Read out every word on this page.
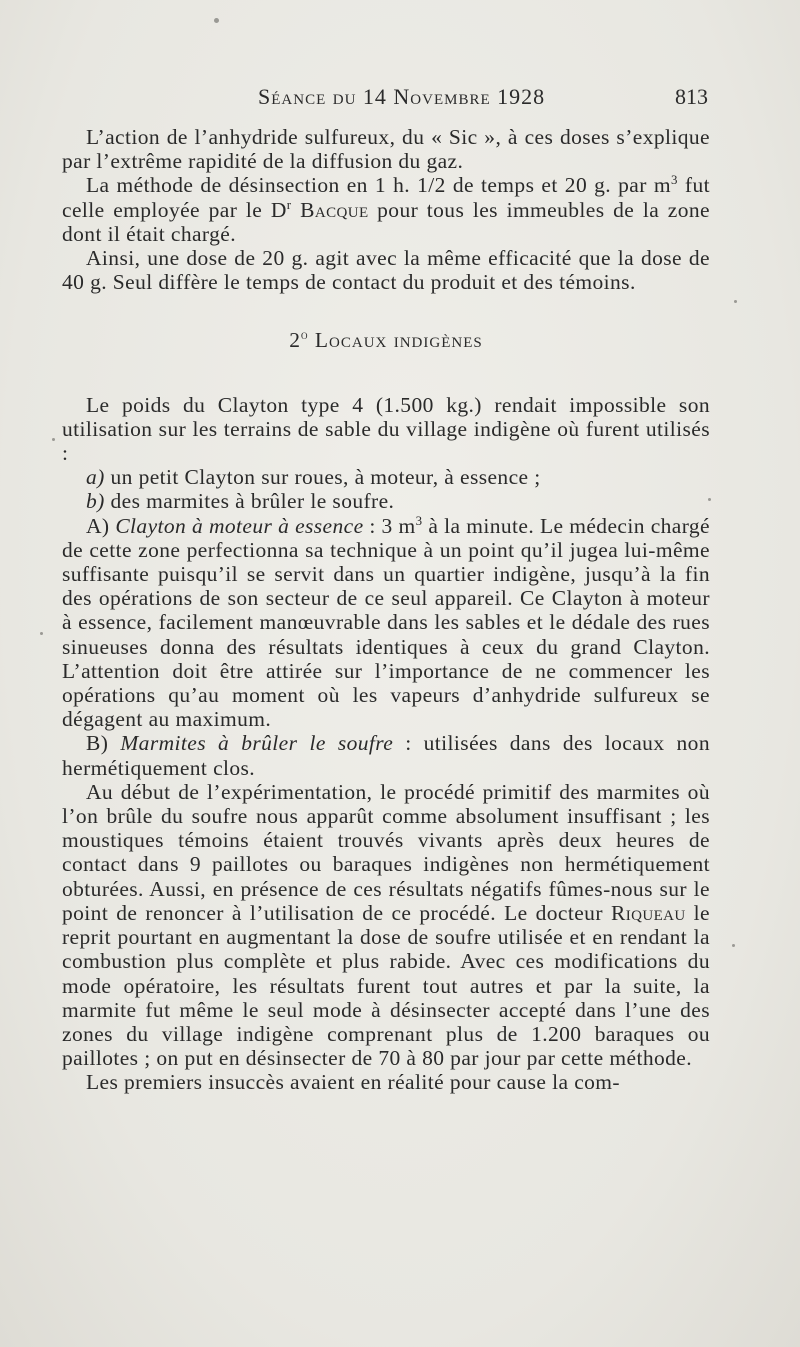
Séance du 14 Novembre 1928	813

L’action de l’anhydride sulfureux, du « Sic », à ces doses s’explique par l’extrême rapidité de la diffusion du gaz.

La méthode de désinsection en 1 h. 1/2 de temps et 20 g. par $m^3$ fut celle employée par le $D^r$ Bacque pour tous les immeubles de la zone dont il était chargé.

Ainsi, une dose de 20 g. agit avec la même efficacité que la dose de 40 g. Seul diffère le temps de contact du produit et des témoins.

2$^o$ Locaux indigènes

Le poids du Clayton type 4 (1.500 kg.) rendait impossible son utilisation sur les terrains de sable du village indigène où furent utilisés :

a) un petit Clayton sur roues, à moteur, à essence ;

b) des marmites à brûler le soufre.

A) Clayton à moteur à essence : 3 $m^3$ à la minute. Le médecin chargé de cette zone perfectionna sa technique à un point qu’il jugea lui-même suffisante puisqu’il se servit dans un quartier indigène, jusqu’à la fin des opérations de son secteur de ce seul appareil. Ce Clayton à moteur à essence, facilement manœuvrable dans les sables et le dédale des rues sinueuses donna des résultats identiques à ceux du grand Clayton. L’attention doit être attirée sur l’importance de ne commencer les opérations qu’au moment où les vapeurs d’anhydride sulfureux se dégagent au maximum.

B) Marmites à brûler le soufre : utilisées dans des locaux non hermétiquement clos.

Au début de l’expérimentation, le procédé primitif des marmites où l’on brûle du soufre nous apparût comme absolument insuffisant ; les moustiques témoins étaient trouvés vivants après deux heures de contact dans 9 paillotes ou baraques indigènes non hermétiquement obturées. Aussi, en présence de ces résultats négatifs fûmes-nous sur le point de renoncer à l’utilisation de ce procédé. Le docteur Riqueau le reprit pourtant en augmentant la dose de soufre utilisée et en rendant la combustion plus complète et plus rabide. Avec ces modifications du mode opératoire, les résultats furent tout autres et par la suite, la marmite fut même le seul mode à désinsecter accepté dans l’une des zones du village indigène comprenant plus de 1.200 baraques ou paillotes ; on put en désinsecter de 70 à 80 par jour par cette méthode.

Les premiers insuccès avaient en réalité pour cause la com-
